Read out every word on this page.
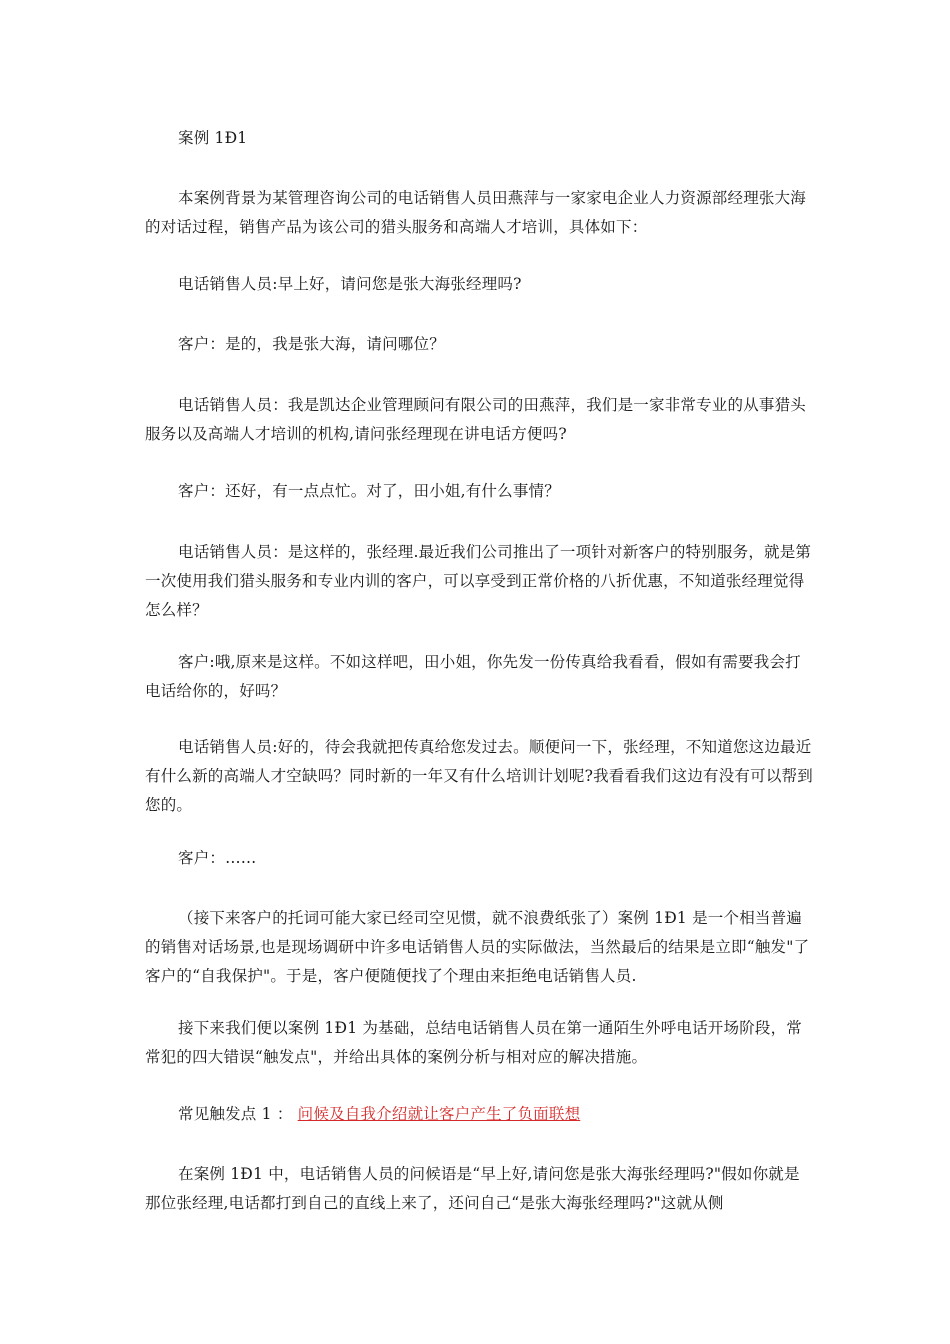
案例 1Ð1

本案例背景为某管理咨询公司的电话销售人员田燕萍与一家家电企业人力资源部经理张大海的对话过程，销售产品为该公司的猎头服务和高端人才培训，具体如下：

电话销售人员:早上好，请问您是张大海张经理吗?

客户：是的，我是张大海，请问哪位？

电话销售人员：我是凯达企业管理顾问有限公司的田燕萍，我们是一家非常专业的从事猎头服务以及高端人才培训的机构,请问张经理现在讲电话方便吗?

客户：还好，有一点点忙。对了，田小姐,有什么事情？

电话销售人员：是这样的，张经理.最近我们公司推出了一项针对新客户的特别服务，就是第一次使用我们猎头服务和专业内训的客户，可以享受到正常价格的八折优惠，不知道张经理觉得怎么样？

客户:哦,原来是这样。不如这样吧，田小姐，你先发一份传真给我看看，假如有需要我会打电话给你的，好吗？

电话销售人员:好的，待会我就把传真给您发过去。顺便问一下，张经理，不知道您这边最近有什么新的高端人才空缺吗？同时新的一年又有什么培训计划呢?我看看我们这边有没有可以帮到您的。

客户：……

（接下来客户的托词可能大家已经司空见惯，就不浪费纸张了）案例 1Ð1 是一个相当普遍的销售对话场景,也是现场调研中许多电话销售人员的实际做法，当然最后的结果是立即“触发"了客户的“自我保护"。于是，客户便随便找了个理由来拒绝电话销售人员.

接下来我们便以案例 1Ð1 为基础，总结电话销售人员在第一通陌生外呼电话开场阶段，常常犯的四大错误“触发点"，并给出具体的案例分析与相对应的解决措施。

常见触发点 1 ： 问候及自我介绍就让客户产生了负面联想

在案例 1Ð1 中，电话销售人员的问候语是“早上好,请问您是张大海张经理吗?"假如你就是那位张经理,电话都打到自己的直线上来了，还问自己“是张大海张经理吗?"这就从侧
